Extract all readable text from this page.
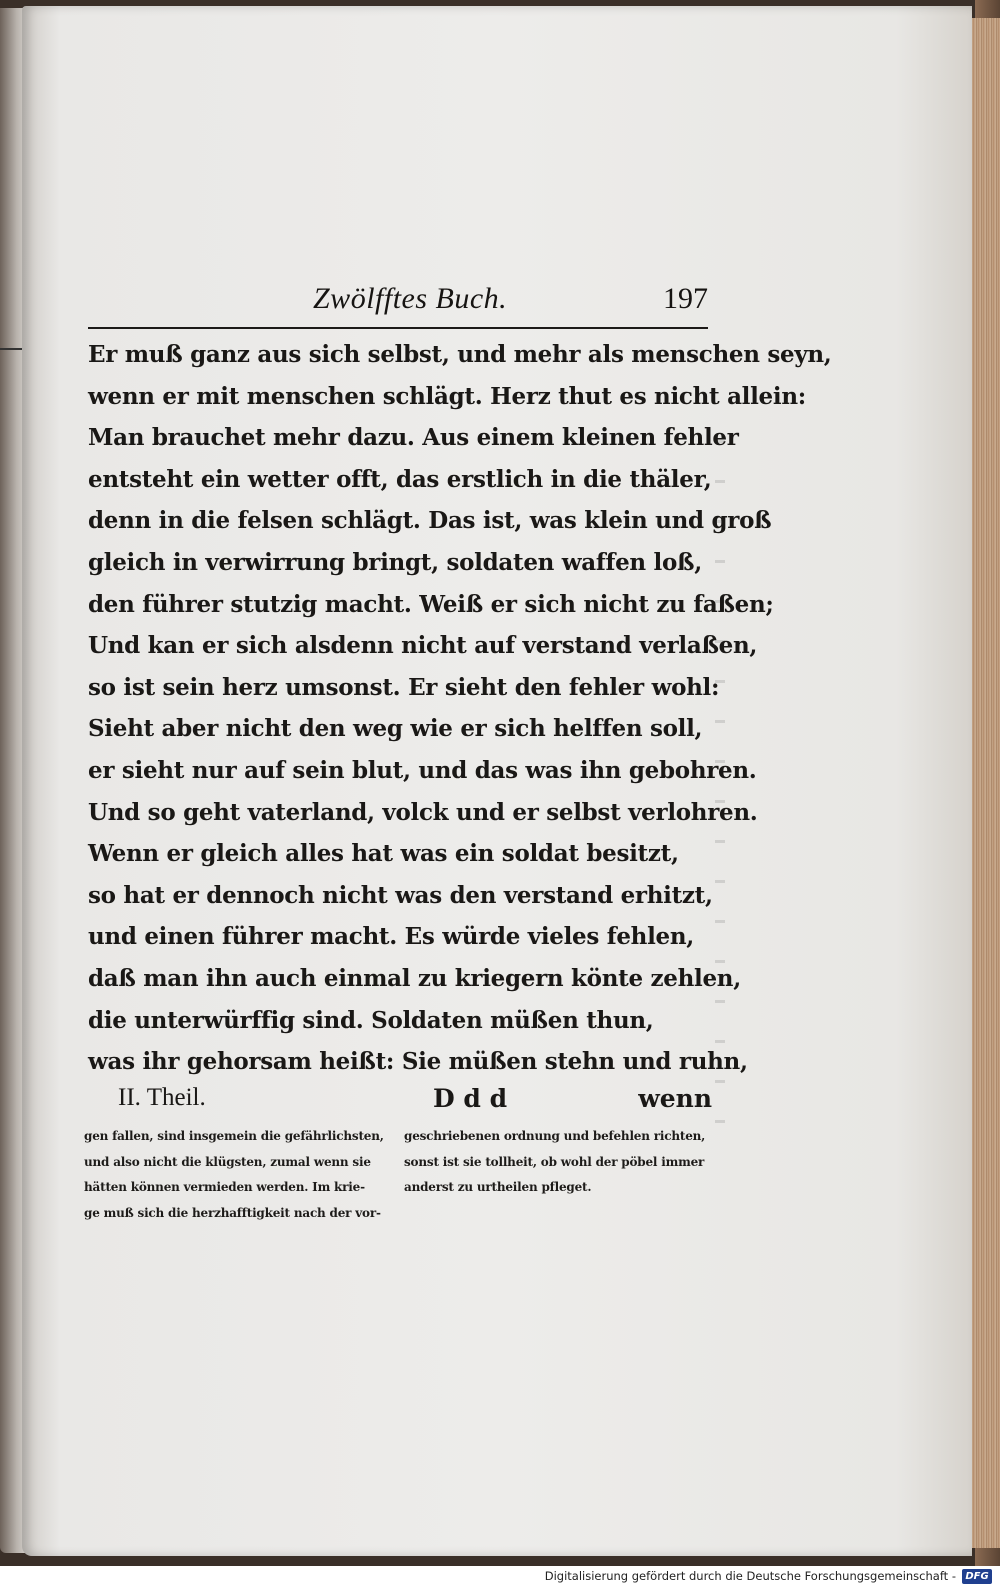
Zwölfftes Buch.	197
Er muß ganz aus sich selbst, und mehr als menschen seyn,
wenn er mit menschen schlägt. Herz thut es nicht allein:
Man brauchet mehr dazu. Aus einem kleinen fehler
entsteht ein wetter offt, das erstlich in die thäler,
denn in die felsen schlägt. Das ist, was klein und groß
gleich in verwirrung bringt, soldaten waffen loß,
den führer stutzig macht. Weiß er sich nicht zu faßen;
Und kan er sich alsdenn nicht auf verstand verlaßen,
so ist sein herz umsonst. Er sieht den fehler wohl:
Sieht aber nicht den weg wie er sich helffen soll,
er sieht nur auf sein blut, und das was ihn gebohren.
Und so geht vaterland, volck und er selbst verlohren.
Wenn er gleich alles hat was ein soldat besitzt,
so hat er dennoch nicht was den verstand erhitzt,
und einen führer macht. Es würde vieles fehlen,
daß man ihn auch einmal zu kriegern könte zehlen,
die unterwürffig sind. Soldaten müßen thun,
was ihr gehorsam heißt: Sie müßen stehn und ruhn,
II. Theil.	D d d	wenn
gen fallen, sind insgemein die gefährlichsten,
und also nicht die klügsten, zumal wenn sie
hätten können vermieden werden. Im krie-
ge muß sich die herzhafftigkeit nach der vor-
geschriebenen ordnung und befehlen richten,
sonst ist sie tollheit, ob wohl der pöbel immer
anderst zu urtheilen pfleget.
Digitalisierung gefördert durch die Deutsche Forschungsgemeinschaft - DFG
